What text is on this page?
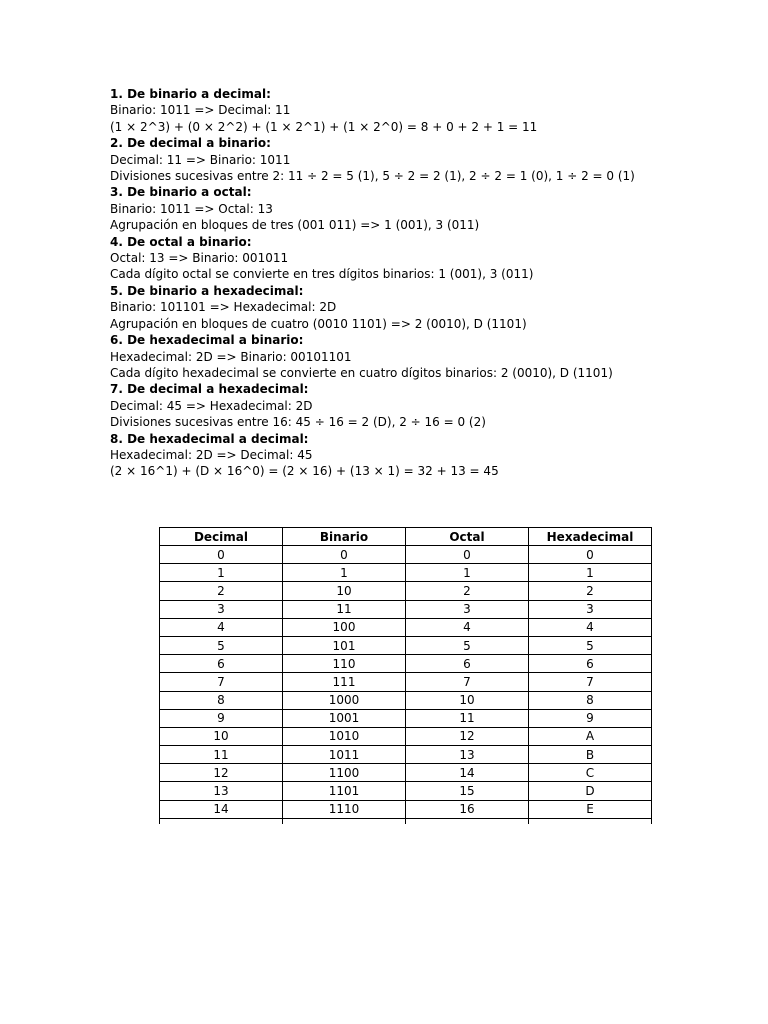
1. De binario a decimal:

Binario: 1011 => Decimal: 11

(1 × 2^3) + (0 × 2^2) + (1 × 2^1) + (1 × 2^0) = 8 + 0 + 2 + 1 = 11

2. De decimal a binario:

Decimal: 11 => Binario: 1011

Divisiones sucesivas entre 2: 11 ÷ 2 = 5 (1), 5 ÷ 2 = 2 (1), 2 ÷ 2 = 1 (0), 1 ÷ 2 = 0 (1)

3. De binario a octal:

Binario: 1011 => Octal: 13

Agrupación en bloques de tres (001 011) => 1 (001), 3 (011)

4. De octal a binario:

Octal: 13 => Binario: 001011

Cada dígito octal se convierte en tres dígitos binarios: 1 (001), 3 (011)

5. De binario a hexadecimal:

Binario: 101101 => Hexadecimal: 2D

Agrupación en bloques de cuatro (0010 1101) => 2 (0010), D (1101)

6. De hexadecimal a binario:

Hexadecimal: 2D => Binario: 00101101

Cada dígito hexadecimal se convierte en cuatro dígitos binarios: 2 (0010), D (1101)

7. De decimal a hexadecimal:

Decimal: 45 => Hexadecimal: 2D

Divisiones sucesivas entre 16: 45 ÷ 16 = 2 (D), 2 ÷ 16 = 0 (2)

8. De hexadecimal a decimal:

Hexadecimal: 2D => Decimal: 45

(2 × 16^1) + (D × 16^0) = (2 × 16) + (13 × 1) = 32 + 13 = 45

Decimal	Binario	Octal	Hexadecimal
0	0	0	0
1	1	1	1
2	10	2	2
3	11	3	3
4	100	4	4
5	101	5	5
6	110	6	6
7	111	7	7
8	1000	10	8
9	1001	11	9
10	1010	12	A
11	1011	13	B
12	1100	14	C
13	1101	15	D
14	1110	16	E
